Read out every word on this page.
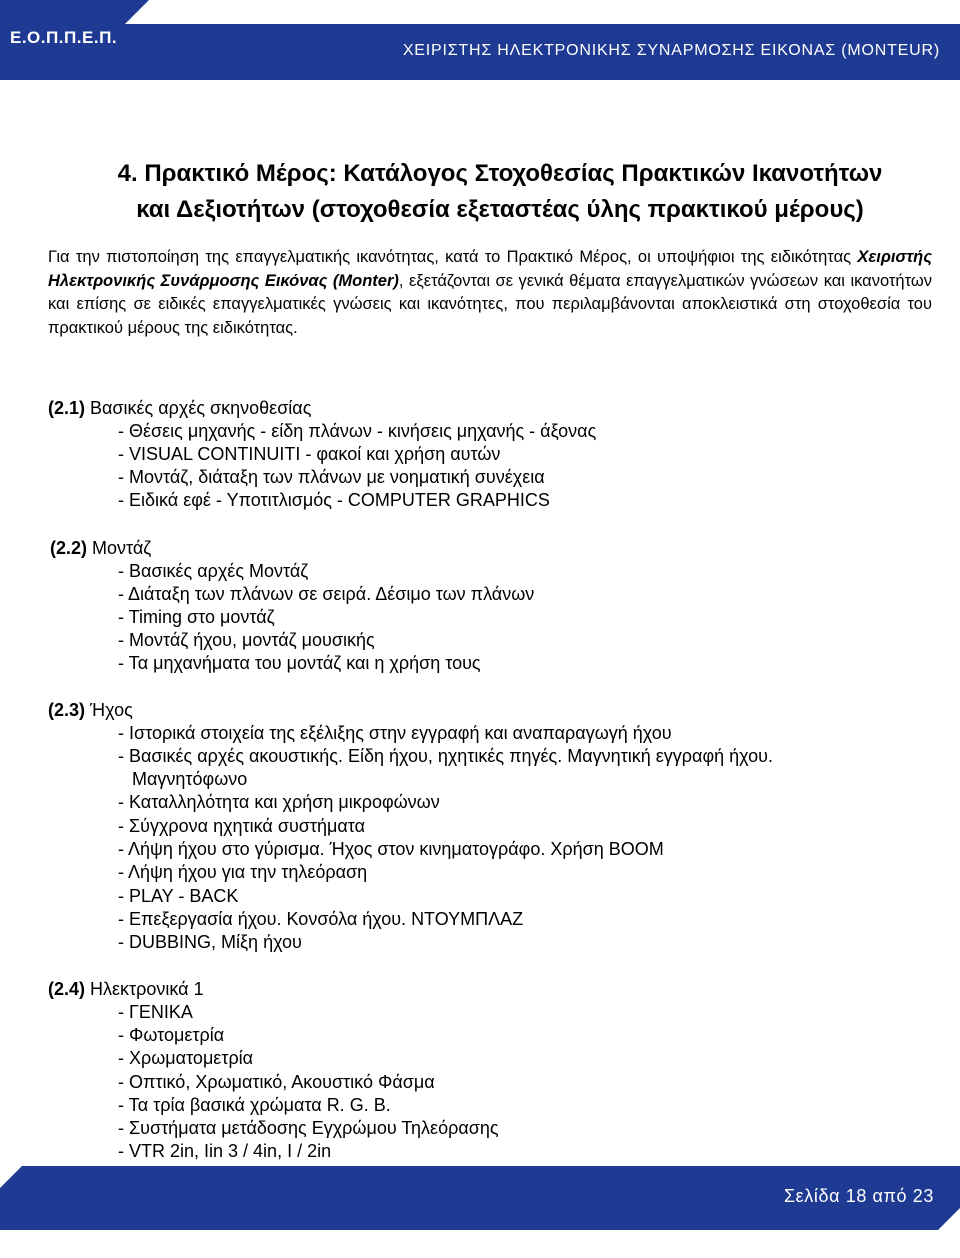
Ε.Ο.Π.Π.Ε.Π.
ΧΕΙΡΙΣΤΗΣ ΗΛΕΚΤΡΟΝΙΚΗΣ ΣΥΝΑΡΜΟΣΗΣ ΕΙΚΟΝΑΣ (MONTEUR)
4. Πρακτικό Μέρος: Κατάλογος Στοχοθεσίας Πρακτικών Ικανοτήτων
και Δεξιοτήτων (στοχοθεσία εξεταστέας ύλης πρακτικού μέρους)

Για την πιστοποίηση της επαγγελματικής ικανότητας, κατά το Πρακτικό Μέρος, οι υποψήφιοι της ειδικότητας Χειριστής Ηλεκτρονικής Συνάρμοσης Εικόνας (Monter), εξετάζονται σε γενικά θέματα επαγγελματικών γνώσεων και ικανοτήτων και επίσης σε ειδικές επαγγελματικές γνώσεις και ικανότητες, που περιλαμβάνονται αποκλειστικά στη στοχοθεσία του πρακτικού μέρους της ειδικότητας.

(2.1) Βασικές αρχές σκηνοθεσίας
- Θέσεις μηχανής - είδη πλάνων - κινήσεις μηχανής - άξονας
- VISUAL CONTINUITI - φακοί και χρήση αυτών
- Μοντάζ, διάταξη των πλάνων με νοηματική συνέχεια
- Ειδικά εφέ - Υποτιτλισμός - COMPUTER GRAPHICS
(2.2) Μοντάζ
- Βασικές αρχές Μοντάζ
- Διάταξη των πλάνων σε σειρά. Δέσιμο των πλάνων
- Timing στο μοντάζ
- Μοντάζ ήχου, μοντάζ μουσικής
- Τα μηχανήματα του μοντάζ και η χρήση τους
(2.3) Ήχος
- Ιστορικά στοιχεία της εξέλιξης στην εγγραφή και αναπαραγωγή ήχου
- Βασικές αρχές ακουστικής. Είδη ήχου, ηχητικές πηγές. Μαγνητική εγγραφή ήχου.
Μαγνητόφωνο
- Καταλληλότητα και χρήση μικροφώνων
- Σύγχρονα ηχητικά συστήματα
- Λήψη ήχου στο γύρισμα. Ήχος στον κινηματογράφο. Χρήση BOOM
- Λήψη ήχου για την τηλεόραση
- PLAY - BACK
- Επεξεργασία ήχου. Κονσόλα ήχου. ΝΤΟΥΜΠΛΑΖ
- DUBBING, Μίξη ήχου
(2.4) Ηλεκτρονικά 1
- ΓΕΝΙΚΑ
- Φωτομετρία
- Χρωματομετρία
- Οπτικό, Χρωματικό, Ακουστικό Φάσμα
- Τα τρία βασικά χρώματα R. G. B.
- Συστήματα μετάδοσης Εγχρώμου Τηλεόρασης
- VTR 2in, Iin 3 / 4in, I / 2in
Σελίδα 18 από 23
